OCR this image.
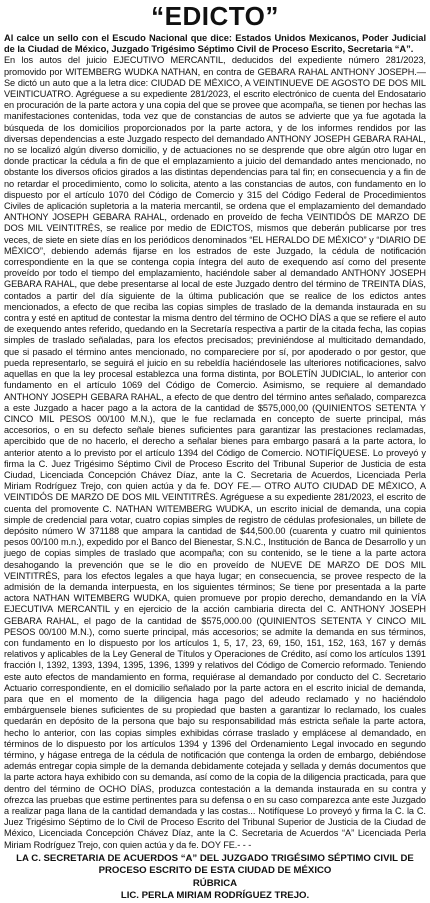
“EDICTO”

Al calce un sello con el Escudo Nacional que dice: Estados Unidos Mexicanos, Poder Judicial de la Ciudad de México, Juzgado Trigésimo Séptimo Civil de Proceso Escrito, Secretaria “A”.

En los autos del juicio EJECUTIVO MERCANTIL, deducidos del expediente número 281/2023, promovido por WITEMBERG WUDKA NATHAN, en contra de GEBARA RAHAL ANTHONY JOSEPH.— Se dictó un auto que a la letra dice: CIUDAD DE MÉXICO, A VEINTINUEVE DE AGOSTO DE DOS MIL VEINTICUATRO. Agréguese a su expediente 281/2023, el escrito electrónico de cuenta del Endosatario en procuración de la parte actora y una copia del que se provee que acompaña, se tienen por hechas las manifestaciones contenidas, toda vez que de constancias de autos se advierte que ya fue agotada la búsqueda de los domicilios proporcionados por la parte actora, y de los informes rendidos por las diversas dependencias a este Juzgado respecto del demandado ANTHONY JOSEPH GEBARA RAHAL, no se localizó algún diverso domicilio, y de actuaciones no se desprende que obre algún otro lugar en donde practicar la cédula a fin de que el emplazamiento a juicio del demandado antes mencionado, no obstante los diversos oficios girados a las distintas dependencias para tal fin; en consecuencia y a fin de no retardar el procedimiento, como lo solicita, atento a las constancias de autos, con fundamento en lo dispuesto por el artículo 1070 del Código de Comercio y 315 del Código Federal de Procedimientos Civiles de aplicación supletoria a la materia mercantil, se ordena que el emplazamiento del demandado ANTHONY JOSEPH GEBARA RAHAL, ordenado en proveído de fecha VEINTIDÓS DE MARZO DE DOS MIL VEINTITRÉS, se realice por medio de EDICTOS, mismos que deberán publicarse por tres veces, de siete en siete días en los periódicos denominados “EL HERALDO DE MÉXICO” y “DIARIO DE MÉXICO”, debiendo además fijarse en los estrados de este Juzgado, la cédula de notificación correspondiente en la que se contenga copia íntegra del auto de exequendo así como del presente proveído por todo el tiempo del emplazamiento, haciéndole saber al demandado ANTHONY JOSEPH GEBARA RAHAL, que debe presentarse al local de este Juzgado dentro del término de TREINTA DÍAS, contados a partir del día siguiente de la última publicación que se realice de los edictos antes mencionados, a efecto de que reciba las copias simples de traslado de la demanda instaurada en su contra y esté en aptitud de contestar la misma dentro del término de OCHO DÍAS a que se refiere el auto de exequendo antes referido, quedando en la Secretaría respectiva a partir de la citada fecha, las copias simples de traslado señaladas, para los efectos precisados; previniéndose al multicitado demandado, que si pasado el término antes mencionado, no compareciere por sí, por apoderado o por gestor, que pueda representarlo, se seguirá el juicio en su rebeldía haciéndosele las ulteriores notificaciones, salvo aquellas en que la ley procesal establezca una forma distinta, por BOLETÍN JUDICIAL, lo anterior con fundamento en el artículo 1069 del Código de Comercio. Asimismo, se requiere al demandado ANTHONY JOSEPH GEBARA RAHAL, a efecto de que dentro del término antes señalado, comparezca a este Juzgado a hacer pago a la actora de la cantidad de $575,000,00 (QUINIENTOS SETENTA Y CINCO MIL PESOS 00/100 M.N.), que le fue reclamada en concepto de suerte principal, más accesorios, o en su defecto señale bienes suficientes para garantizar las prestaciones reclamadas, apercibido que de no hacerlo, el derecho a señalar bienes para embargo pasará a la parte actora, lo anterior atento a lo previsto por el artículo 1394 del Código de Comercio. NOTIFÍQUESE. Lo proveyó y firma la C. Juez Trigésimo Séptimo Civil de Proceso Escrito del Tribunal Superior de Justicia de esta Ciudad, Licenciada Concepción Chávez Díaz, ante la C. Secretaria de Acuerdos, Licenciada Perla Miriam Rodríguez Trejo, con quien actúa y da fe. DOY FE.— OTRO AUTO CIUDAD DE MÉXICO, A VEINTIDÓS DE MARZO DE DOS MIL VEINTITRÉS. Agréguese a su expediente 281/2023, el escrito de cuenta del promovente C. NATHAN WITEMBERG WUDKA, un escrito inicial de demanda, una copia simple de credencial para votar, cuatro copias simples de registro de cédulas profesionales, un billete de depósito número W 371188 que ampara la cantidad de $44,500.00 (cuarenta y cuatro mil quinientos pesos 00/100 m.n.), expedido por el Banco del Bienestar, S.N.C., Institución de Banca de Desarrollo y un juego de copias simples de traslado que acompaña; con su contenido, se le tiene a la parte actora desahogando la prevención que se le dio en proveído de NUEVE DE MARZO DE DOS MIL VEINTITRÉS, para los efectos legales a que haya lugar; en consecuencia, se provee respecto de la admisión de la demanda interpuesta, en los siguientes términos; Se tiene por presentada a la parte actora NATHAN WITEMBERG WUDKA, quien promueve por propio derecho, demandando en la VÍA EJECUTIVA MERCANTIL y en ejercicio de la acción cambiaria directa del C. ANTHONY JOSEPH GEBARA RAHAL, el pago de la cantidad de $575,000.00 (QUINIENTOS SETENTA Y CINCO MIL PESOS 00/100 M.N.), como suerte principal, más accesorios; se admite la demanda en sus términos, con fundamento en lo dispuesto por los artículos 1, 5, 17, 23, 69, 150, 151, 152, 163, 167 y demás relativos y aplicables de la Ley General de Títulos y Operaciones de Crédito, así como los artículos 1391 fracción I, 1392, 1393, 1394, 1395, 1396, 1399 y relativos del Código de Comercio reformado. Teniendo este auto efectos de mandamiento en forma, requiérase al demandado por conducto del C. Secretario Actuario correspondiente, en el domicilio señalado por la parte actora en el escrito inicial de demanda, para que en el momento de la diligencia haga pago del adeudo reclamado y no haciéndolo embárguensele bienes suficientes de su propiedad que basten a garantizar lo reclamado, los cuales quedarán en depósito de la persona que bajo su responsabilidad más estricta señale la parte actora, hecho lo anterior, con las copias simples exhibidas córrase traslado y emplácese al demandado, en términos de lo dispuesto por los artículos 1394 y 1396 del Ordenamiento Legal invocado en segundo término, y hágase entrega de la cédula de notificación que contenga la orden de embargo, debiéndose además entregar copia simple de la demanda debidamente cotejada y sellada y demás documentos que la parte actora haya exhibido con su demanda, así como de la copia de la diligencia practicada, para que dentro del término de OCHO DÍAS, produzca contestación a la demanda instaurada en su contra y ofrezca las pruebas que estime pertinentes para su defensa o en su caso comparezca ante este Juzgado a realizar paga llana de la cantidad demandada y las costas... Notifíquese Lo proveyó y firma la C. la C. Juez Trigésimo Séptimo de lo Civil de Proceso Escrito del Tribunal Superior de Justicia de la Ciudad de México, Licenciada Concepción Chávez Díaz, ante la C. Secretaria de Acuerdos “A” Licenciada Perla Miriam Rodríguez Trejo, con quien actúa y da fe. DOY FE.- - -

LA C. SECRETARIA DE ACUERDOS “A” DEL JUZGADO TRIGÉSIMO SÉPTIMO CIVIL DE PROCESO ESCRITO DE ESTA CIUDAD DE MÉXICO
RÚBRICA
LIC. PERLA MIRIAM RODRÍGUEZ TREJO.
